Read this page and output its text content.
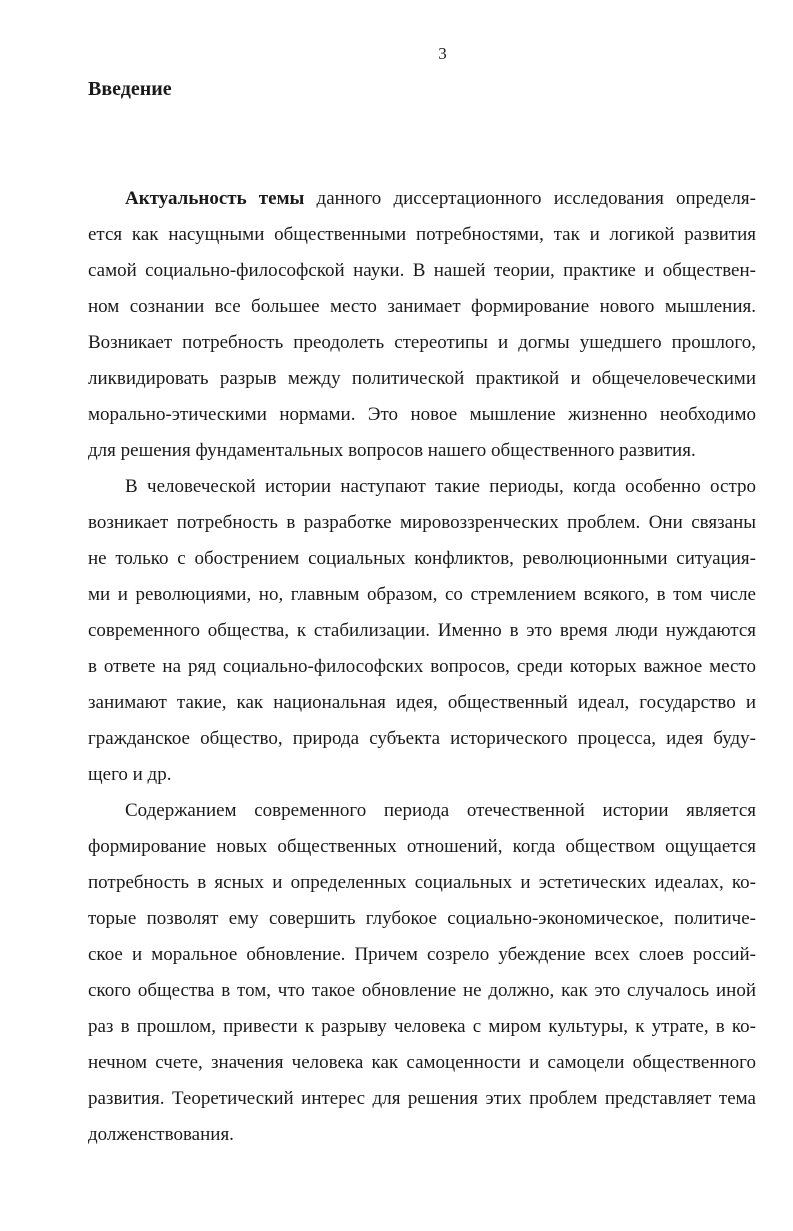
3
Введение
Актуальность темы данного диссертационного исследования определя-
ется как насущными общественными потребностями, так и логикой развития
самой социально-философской науки. В нашей теории, практике и обществен-
ном сознании все большее место занимает формирование нового мышления.
Возникает потребность преодолеть стереотипы и догмы ушедшего прошлого,
ликвидировать разрыв между политической практикой и общечеловеческими
морально-этическими нормами. Это новое мышление жизненно необходимо
для решения фундаментальных вопросов нашего общественного развития.
В человеческой истории наступают такие периоды, когда особенно остро
возникает потребность в разработке мировоззренческих проблем. Они связаны
не только с обострением социальных конфликтов, революционными ситуация-
ми и революциями, но, главным образом, со стремлением всякого, в том числе
современного общества, к стабилизации. Именно в это время люди нуждаются
в ответе на ряд социально-философских вопросов, среди которых важное место
занимают такие, как национальная идея, общественный идеал, государство и
гражданское общество, природа субъекта исторического процесса, идея буду-
щего и др.
Содержанием современного периода отечественной истории является
формирование новых общественных отношений, когда обществом ощущается
потребность в ясных и определенных социальных и эстетических идеалах, ко-
торые позволят ему совершить глубокое социально-экономическое, политиче-
ское и моральное обновление. Причем созрело убеждение всех слоев россий-
ского общества в том, что такое обновление не должно, как это случалось иной
раз в прошлом, привести к разрыву человека с миром культуры, к утрате, в ко-
нечном счете, значения человека как самоценности и самоцели общественного
развития. Теоретический интерес для решения этих проблем представляет тема
долженствования.
